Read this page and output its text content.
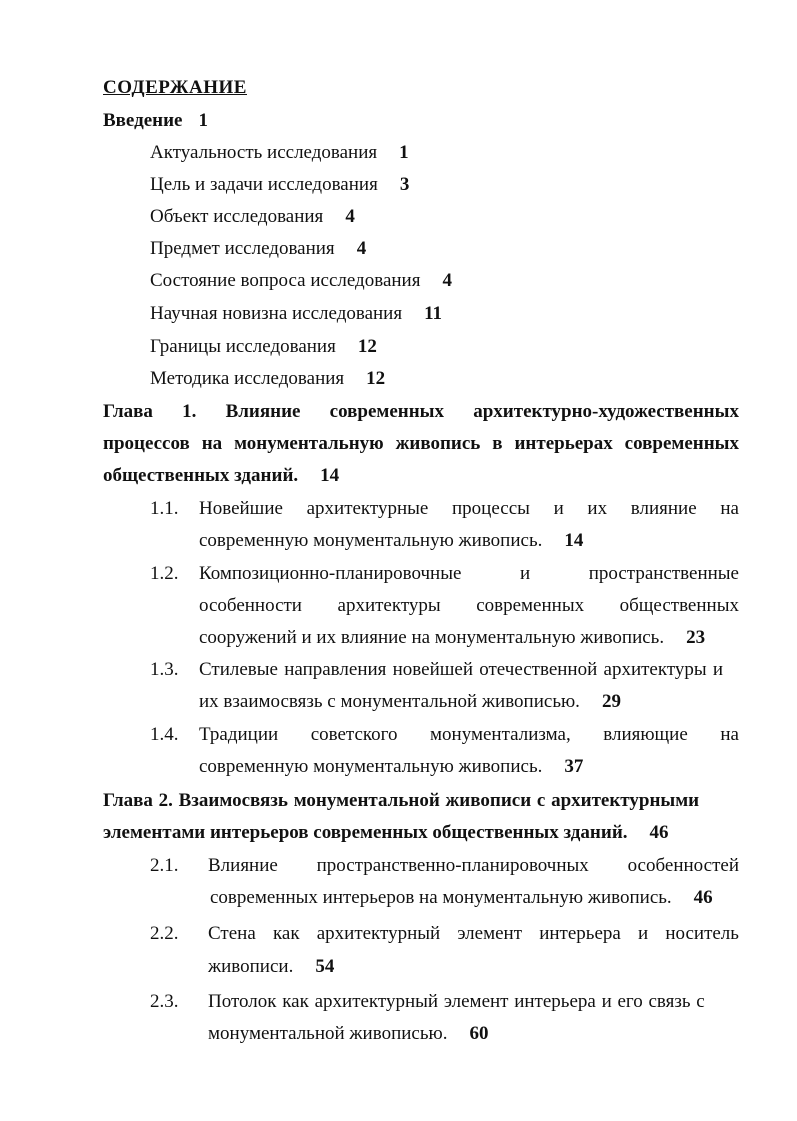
СОДЕРЖАНИЕ
Введение 1
Актуальность исследования 1
Цель и задачи исследования 3
Объект исследования 4
Предмет исследования 4
Состояние вопроса исследования 4
Научная новизна исследования 11
Границы исследования 12
Методика исследования 12
Глава 1. Влияние современных архитектурно-художественных
процессов на монументальную живопись в интерьерах современных
общественных зданий. 14
1.1. Новейшие архитектурные процессы и их влияние на
современную монументальную живопись. 14
1.2. Композиционно-планировочные	и	пространственные
особенности архитектуры современных общественных
сооружений и их влияние на монументальную живопись. 23
1.3. Стилевые направления новейшей отечественной архитектуры и
их взаимосвязь с монументальной живописью. 29
1.4. Традиции советского монументализма, влияющие на
современную монументальную живопись. 37
Глава 2. Взаимосвязь монументальной живописи с архитектурными
элементами интерьеров современных общественных зданий. 46
2.1. Влияние пространственно-планировочных особенностей
современных интерьеров на монументальную живопись. 46
2.2. Стена как архитектурный элемент интерьера и носитель
живописи. 54
2.3. Потолок как архитектурный элемент интерьера и его связь с
монументальной живописью. 60
